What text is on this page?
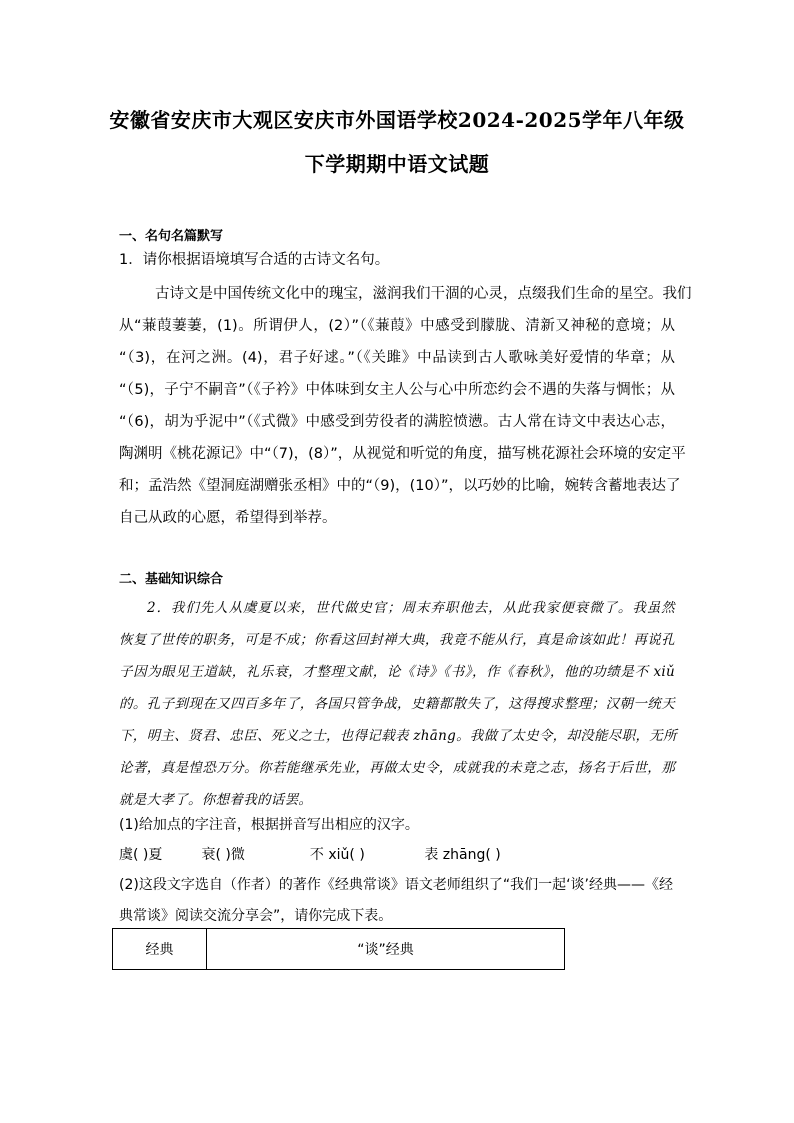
安徽省安庆市大观区安庆市外国语学校2024-2025学年八年级
下学期期中语文试题
一、名句名篇默写
1．请你根据语境填写合适的古诗文名句。
古诗文是中国传统文化中的瑰宝，滋润我们干涸的心灵，点缀我们生命的星空。我们
从“蒹葭萋萋，(1)。所谓伊人，(2）”（《蒹葭》中感受到朦胧、清新又神秘的意境；从
“（3)，在河之洲。(4)，君子好逑。”（《关雎》中品读到古人歌咏美好爱情的华章；从
“（5)，子宁不嗣音”（《子衿》中体味到女主人公与心中所恋约会不遇的失落与惆怅；从
“（6)，胡为乎泥中”（《式微》中感受到劳役者的满腔愤懑。古人常在诗文中表达心志，
陶渊明《桃花源记》中“（7)，(8）”，从视觉和听觉的角度，描写桃花源社会环境的安定平
和；孟浩然《望洞庭湖赠张丞相》中的“（9)，(10）”，以巧妙的比喻，婉转含蓄地表达了
自己从政的心愿，希望得到举荐。
二、基础知识综合
2．我们先人从虞夏以来，世代做史官；周末弃职他去，从此我家便衰微了。我虽然
恢复了世传的职务，可是不成；你看这回封禅大典，我竟不能从行，真是命该如此！再说孔
子因为眼见王道缺，礼乐衰，才整理文献，论《诗》《书》，作《春秋》，他的功绩是不 xiǔ
的。孔子到现在又四百多年了，各国只管争战，史籍都散失了，这得搜求整理；汉朝一统天
下，明主、贤君、忠臣、死义之士，也得记载表 zhāng。我做了太史令，却没能尽职，无所
论著，真是惶恐万分。你若能继承先业，再做太史令，成就我的未竟之志，扬名于后世，那
就是大孝了。你想着我的话罢。
(1)给加点的字注音，根据拼音写出相应的汉字。
虞( )夏	衰( )微	不 xiǔ( )	表 zhāng( )
(2)这段文字选自（作者）的著作《经典常谈》语文老师组织了“我们一起‘谈’经典——《经
典常谈》阅读交流分享会”，请你完成下表。
经典	“谈”经典
